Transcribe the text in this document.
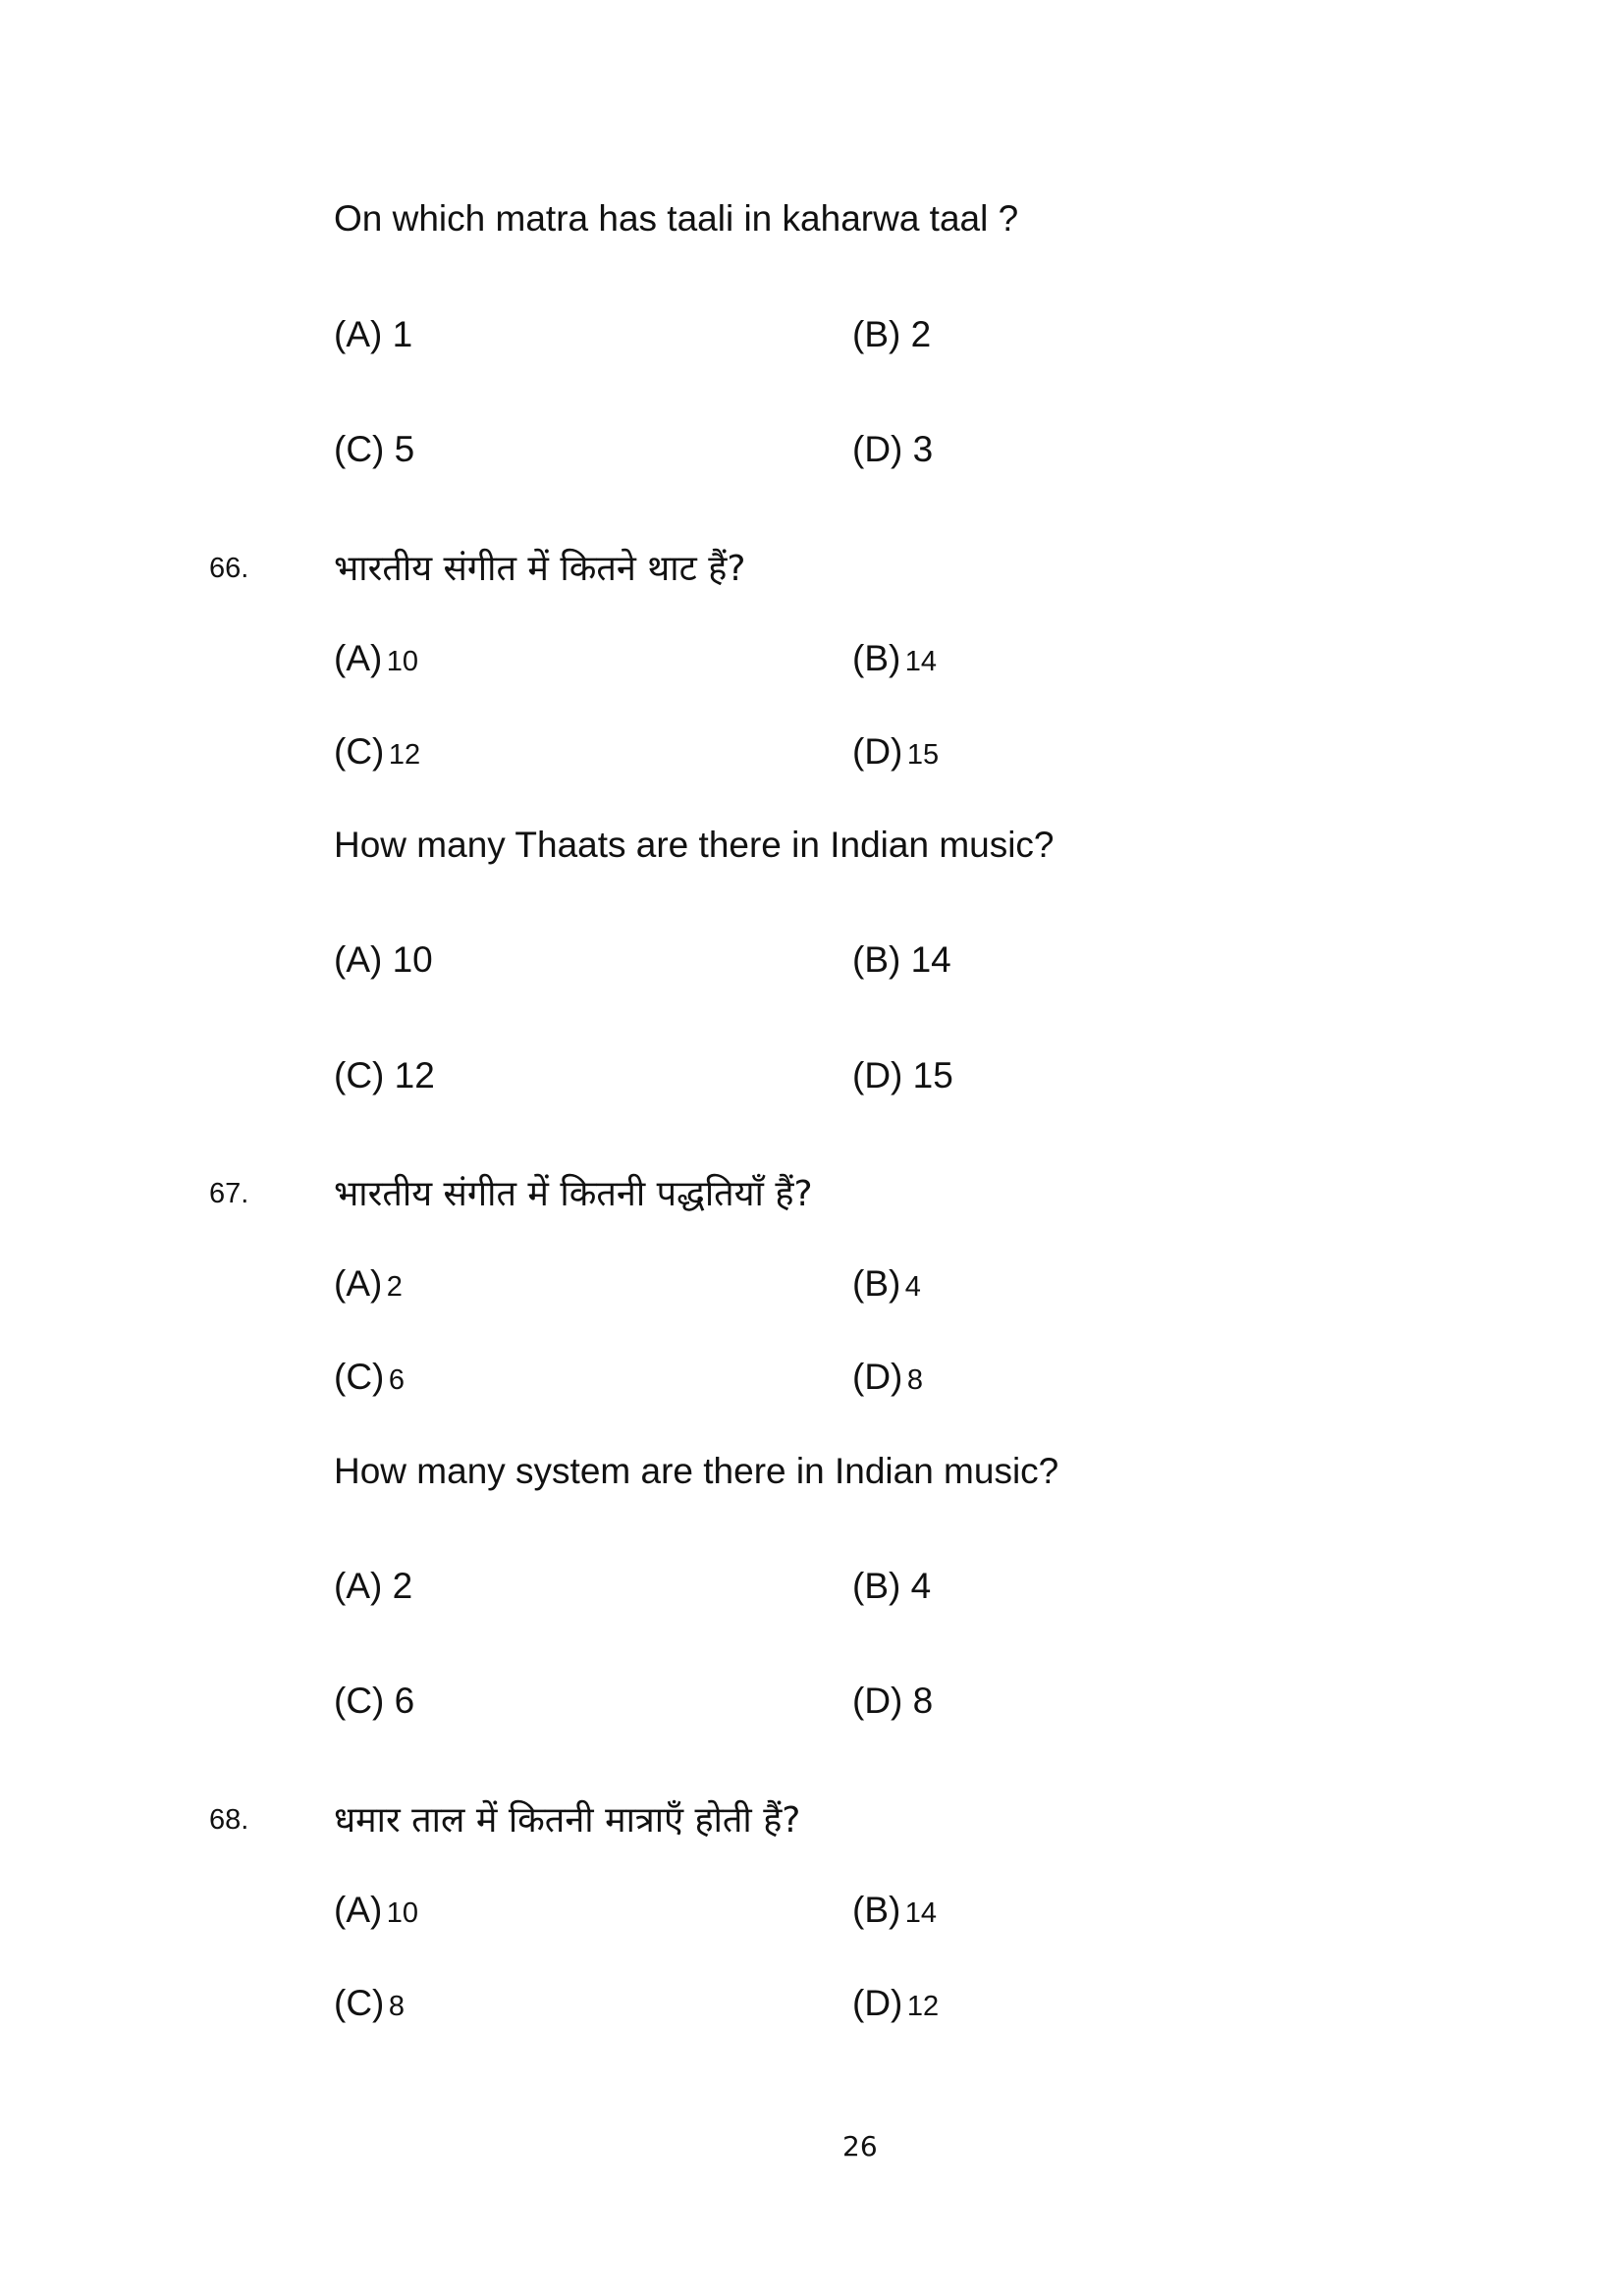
On which matra has taali in kaharwa taal ?
(A) 1	(B) 2
(C) 5	(D) 3
66. भारतीय संगीत में कितने थाट हैं?
(A) 10	(B) 14
(C) 12	(D) 15
How many Thaats are there in Indian music?
(A) 10	(B) 14
(C) 12	(D) 15
67. भारतीय संगीत में कितनी पद्धतियाँ हैं?
(A) 2	(B) 4
(C) 6	(D) 8
How many system are there in Indian music?
(A) 2	(B) 4
(C) 6	(D) 8
68. धमार ताल में कितनी मात्राएँ होती हैं?
(A) 10	(B) 14
(C) 8	(D) 12
26
